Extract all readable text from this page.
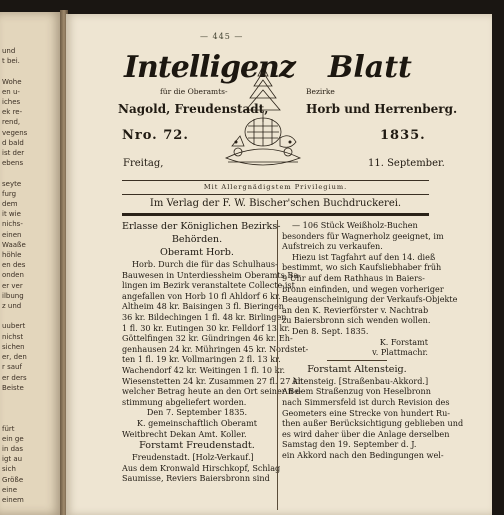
und
t bei.

Wohe
en u-
iches
ek re-
rend,
vegens
d bald
ist der
ebens

seyte
furg
dem
it wie
nichs-
einen
Waaße
höhle
en des
onden
er ver
ilbung
z und

uubert
nichst
sichen
er, den
r sauf
er ders
Beiste

fürt
ein ge
in das
igt au
sich
Größe
eine
einem
— 445 —
Intelligenz Blatt
für die Oberamts-	Bezirke
Nagold, Freudenstadt,	Horb und Herrenberg.
Nro. 72.	1835.
Freitag,	11. September.
Mit Allergnädigstem Privilegium.
Im Verlag der F. W. Bischer'schen Buchdruckerei.
Erlasse der Königlichen Bezirks-
Behörden.
Oberamt Horb.
Horb. Durch die für das Schulhaus-
Bauwesen in Unterdiessheim Oberamts Ba-
lingen im Bezirk veranstaltete Collecte ist
angefallen von Horb 10 fl Ahldorf 6 kr.
Altheim 48 kr. Baisingen 3 fl. Bieringen
36 kr. Bildechingen 1 fl. 48 kr. Birlingen
1 fl. 30 kr. Eutingen 30 kr. Felldorf 13 kr.
Göttelfingen 32 kr. Gündringen 46 kr. Eh-
genhausen 24 kr. Mühringen 45 kr. Nordstet-
ten 1 fl. 19 kr. Vollmaringen 2 fl. 13 kr.
Wachendorf 42 kr. Weitingen 1 fl. 10 kr.
Wiesenstetten 24 kr. Zusammen 27 fl. 27 kr.
welcher Betrag heute an den Ort seiner Be-
stimmung abgeliefert worden.
Den 7. September 1835.
K. gemeinschaftlich Oberamt
Weitbrecht Dekan Amt. Koller.
Forstamt Freudenstadt.
Freudenstadt. [Holz-Verkauf.]
Aus dem Kronwald Hirschkopf, Schlag
Saumisse, Reviers Baiersbronn sind
— 106 Stück Weißholz-Buchen
besonders für Wagnerholz geeignet, im
Aufstreich zu verkaufen.
Hiezu ist Tagfahrt auf den 14. dieß
bestimmt, wo sich Kaufsliebhaber früh
9 Uhr auf dem Rathhaus in Baiers-
bronn einfinden, und wegen vorheriger
Beaugenscheinigung der Verkaufs-Objekte
an den K. Revierförster v. Nachtrab
zu Baiersbronn sich wenden wollen.
Den 8. Sept. 1835.
K. Forstamt
v. Plattmachr.
Forstamt Altensteig.
Altensteig. [Straßenbau-Akkord.]
An dem Straßenzug von Heselbronn
nach Simmersfeld ist durch Revision des
Geometers eine Strecke von hundert Ru-
then außer Berücksichtigung geblieben und
es wird daher über die Anlage derselben
Samstag den 19. September d. J.
ein Akkord nach den Bedingungen wel-
